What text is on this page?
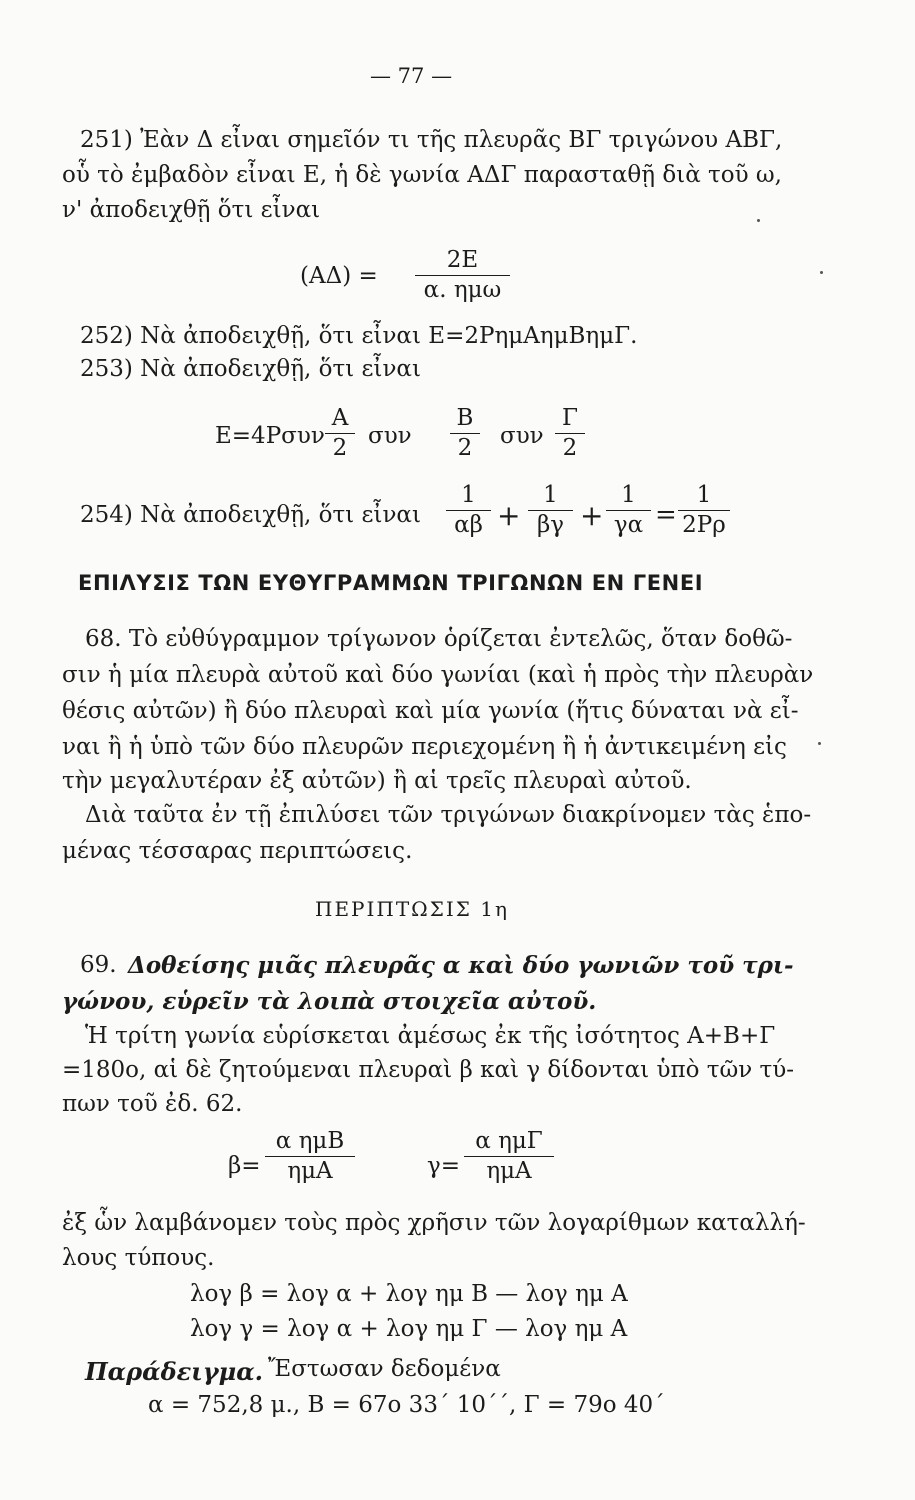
— 77 —
251) Ἐὰν Δ εἶναι σημεῖόν τι τῆς πλευρᾶς ΒΓ τριγώνου ΑΒΓ,
οὗ τὸ ἐμβαδὸν εἶναι Ε, ἡ δὲ γωνία ΑΔΓ παρασταθῇ διὰ τοῦ ω,
ν' ἀποδειχθῇ ὅτι εἶναι
(ΑΔ) =
2Ε
α. ημω
252) Νὰ ἀποδειχθῇ, ὅτι εἶναι Ε=2ΡημΑημΒημΓ.
253) Νὰ ἀποδειχθῇ, ὅτι εἶναι
$E=4P\sigma\upsilon\nu \frac{A}{2}$ συν $\frac{B}{2}$ συν $\frac{\Gamma}{2}$
254) Νὰ ἀποδειχθῇ, ὅτι εἶναι $\frac{1}{\alpha\beta} + \frac{1}{\beta\gamma} + \frac{1}{\gamma\alpha} = \frac{1}{2P\rho}$
ΕΠΙΛΥΣΙΣ ΤΩΝ ΕΥΘΥΓΡΑΜΜΩΝ ΤΡΙΓΩΝΩΝ ΕΝ ΓΕΝΕΙ
68. Τὸ εὐθύγραμμον τρίγωνον ὁρίζεται ἐντελῶς, ὅταν δοθῶ-
σιν ἡ μία πλευρὰ αὐτοῦ καὶ δύο γωνίαι (καὶ ἡ πρὸς τὴν πλευρὰν
θέσις αὐτῶν) ἢ δύο πλευραὶ καὶ μία γωνία (ἥτις δύναται νὰ εἶ-
ναι ἢ ἡ ὑπὸ τῶν δύο πλευρῶν περιεχομένη ἢ ἡ ἀντικειμένη εἰς
τὴν μεγαλυτέραν ἐξ αὐτῶν) ἢ αἱ τρεῖς πλευραὶ αὐτοῦ.
Διὰ ταῦτα ἐν τῇ ἐπιλύσει τῶν τριγώνων διακρίνομεν τὰς ἑπο-
μένας τέσσαρας περιπτώσεις.
ΠΕΡΙΠΤΩΣΙΣ 1η
69. Δοθείσης μιᾶς πλευρᾶς α καὶ δύο γωνιῶν τοῦ τρι-
γώνου, εὑρεῖν τὰ λοιπὰ στοιχεῖα αὐτοῦ.
Ἡ τρίτη γωνία εὑρίσκεται ἀμέσως ἐκ τῆς ἰσότητος Α+Β+Γ
=180ο, αἱ δὲ ζητούμεναι πλευραὶ β καὶ γ δίδονται ὑπὸ τῶν τύ-
πων τοῦ ἐδ. 62.
β=
α ημΒ
ημΑ	γ=
α ημΓ
ημΑ
ἐξ ὧν λαμβάνομεν τοὺς πρὸς χρῆσιν τῶν λογαρίθμων καταλλή-
λους τύπους.
λογ β = λογ α + λογ ημ Β — λογ ημ Α
λογ γ = λογ α + λογ ημ Γ — λογ ημ Α
Παράδειγμα. Ἔστωσαν δεδομένα
α = 752,8 μ., Β = 67ο 33΄ 10΄΄, Γ = 79ο 40΄
